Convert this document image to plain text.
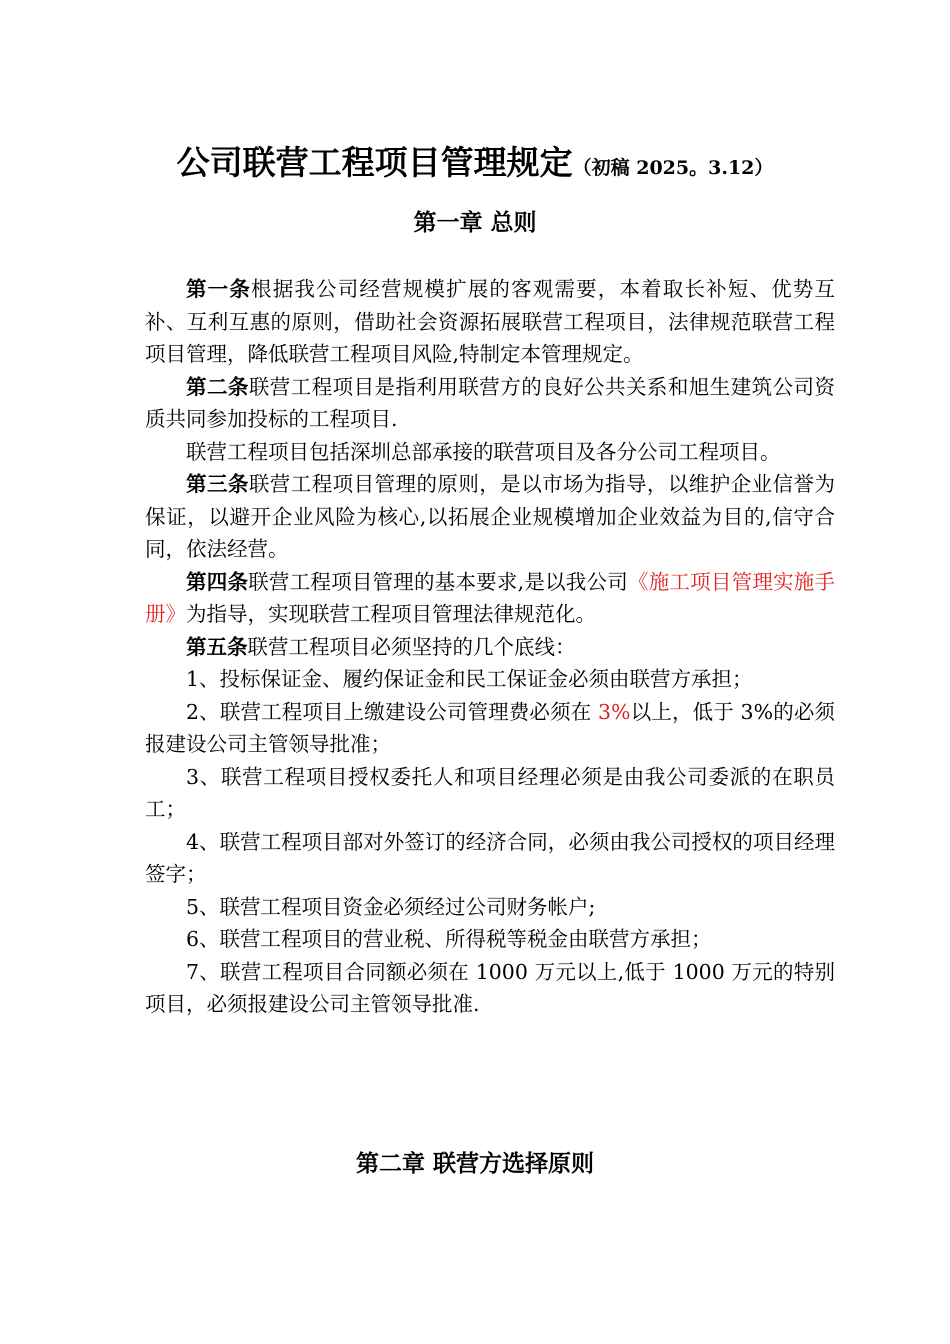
公司联营工程项目管理规定（初稿 2025。3.12）
第一章 总则

第一条根据我公司经营规模扩展的客观需要，本着取长补短、优势互补、互利互惠的原则，借助社会资源拓展联营工程项目，法律规范联营工程项目管理，降低联营工程项目风险,特制定本管理规定。

第二条联营工程项目是指利用联营方的良好公共关系和旭生建筑公司资质共同参加投标的工程项目.

联营工程项目包括深圳总部承接的联营项目及各分公司工程项目。

第三条联营工程项目管理的原则，是以市场为指导，以维护企业信誉为保证，以避开企业风险为核心,以拓展企业规模增加企业效益为目的,信守合同，依法经营。

第四条联营工程项目管理的基本要求,是以我公司《施工项目管理实施手册》为指导，实现联营工程项目管理法律规范化。

第五条联营工程项目必须坚持的几个底线：

1、投标保证金、履约保证金和民工保证金必须由联营方承担；

2、联营工程项目上缴建设公司管理费必须在 3%以上，低于 3%的必须报建设公司主管领导批准；

3、联营工程项目授权委托人和项目经理必须是由我公司委派的在职员工；

4、联营工程项目部对外签订的经济合同，必须由我公司授权的项目经理签字；

5、联营工程项目资金必须经过公司财务帐户;

6、联营工程项目的营业税、所得税等税金由联营方承担；

7、联营工程项目合同额必须在 1000 万元以上,低于 1000 万元的特别项目，必须报建设公司主管领导批准.

第二章 联营方选择原则
